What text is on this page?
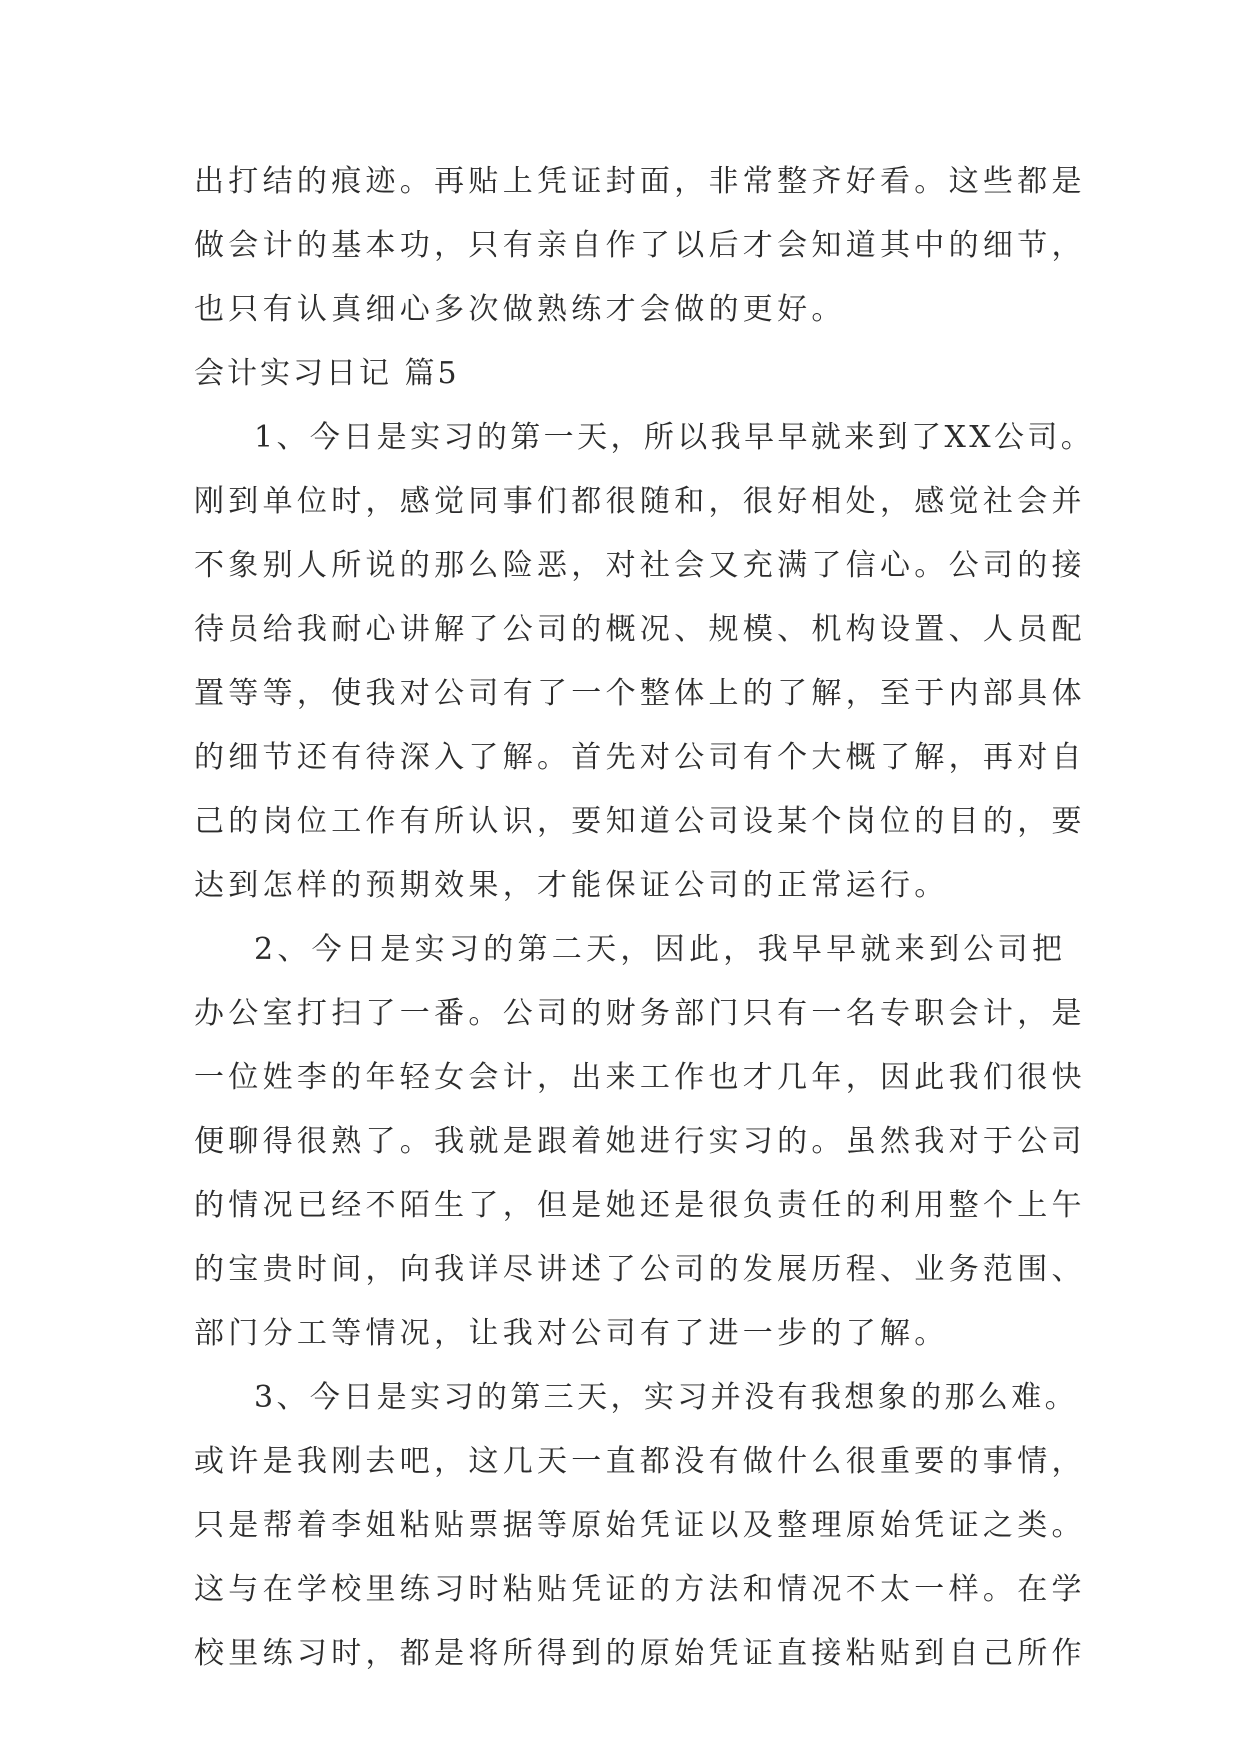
出打结的痕迹。再贴上凭证封面，非常整齐好看。这些都是
做会计的基本功，只有亲自作了以后才会知道其中的细节，
也只有认真细心多次做熟练才会做的更好。
会计实习日记 篇5
1、今日是实习的第一天，所以我早早就来到了XX公司。
刚到单位时，感觉同事们都很随和，很好相处，感觉社会并
不象别人所说的那么险恶，对社会又充满了信心。公司的接
待员给我耐心讲解了公司的概况、规模、机构设置、人员配
置等等，使我对公司有了一个整体上的了解，至于内部具体
的细节还有待深入了解。首先对公司有个大概了解，再对自
己的岗位工作有所认识，要知道公司设某个岗位的目的，要
达到怎样的预期效果，才能保证公司的正常运行。
2、今日是实习的第二天，因此，我早早就来到公司把
办公室打扫了一番。公司的财务部门只有一名专职会计，是
一位姓李的年轻女会计，出来工作也才几年，因此我们很快
便聊得很熟了。我就是跟着她进行实习的。虽然我对于公司
的情况已经不陌生了，但是她还是很负责任的利用整个上午
的宝贵时间，向我详尽讲述了公司的发展历程、业务范围、
部门分工等情况，让我对公司有了进一步的了解。
3、今日是实习的第三天，实习并没有我想象的那么难。
或许是我刚去吧，这几天一直都没有做什么很重要的事情，
只是帮着李姐粘贴票据等原始凭证以及整理原始凭证之类。
这与在学校里练习时粘贴凭证的方法和情况不太一样。在学
校里练习时，都是将所得到的原始凭证直接粘贴到自己所作
